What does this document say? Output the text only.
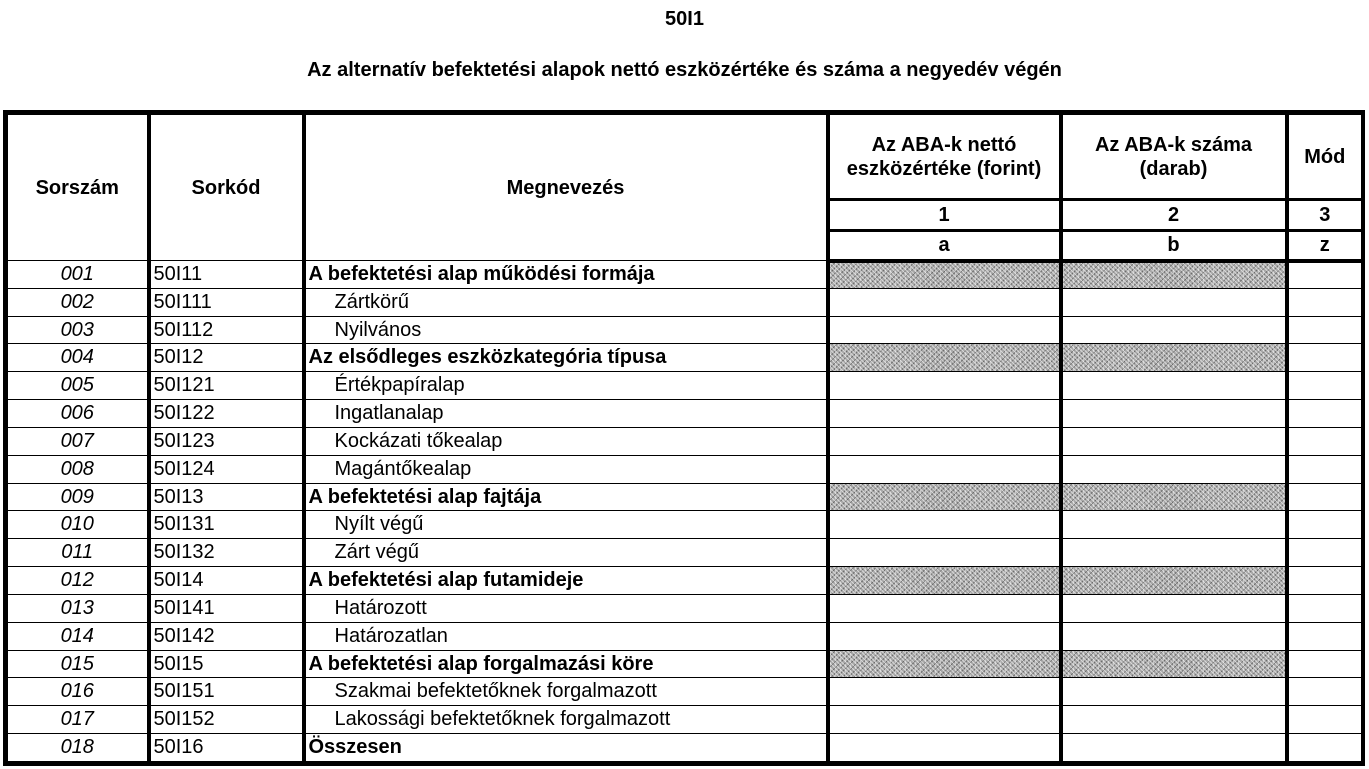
50I1
Az alternatív befektetési alapok nettó eszközértéke és száma a negyedév végén
Sorszám	Sorkód	Megnevezés	Az ABA-k nettó eszközértéke (forint)	Az ABA-k száma (darab)	Mód
			1	2	3
			a	b	z
001	50I11	A befektetési alap működési formája			
002	50I111	Zártkörű			
003	50I112	Nyilvános			
004	50I12	Az elsődleges eszközkategória típusa			
005	50I121	Értékpapíralap			
006	50I122	Ingatlanalap			
007	50I123	Kockázati tőkealap			
008	50I124	Magántőkealap			
009	50I13	A befektetési alap fajtája			
010	50I131	Nyílt végű			
011	50I132	Zárt végű			
012	50I14	A befektetési alap futamideje			
013	50I141	Határozott			
014	50I142	Határozatlan			
015	50I15	A befektetési alap forgalmazási köre			
016	50I151	Szakmai befektetőknek forgalmazott			
017	50I152	Lakossági befektetőknek forgalmazott			
018	50I16	Összesen			
